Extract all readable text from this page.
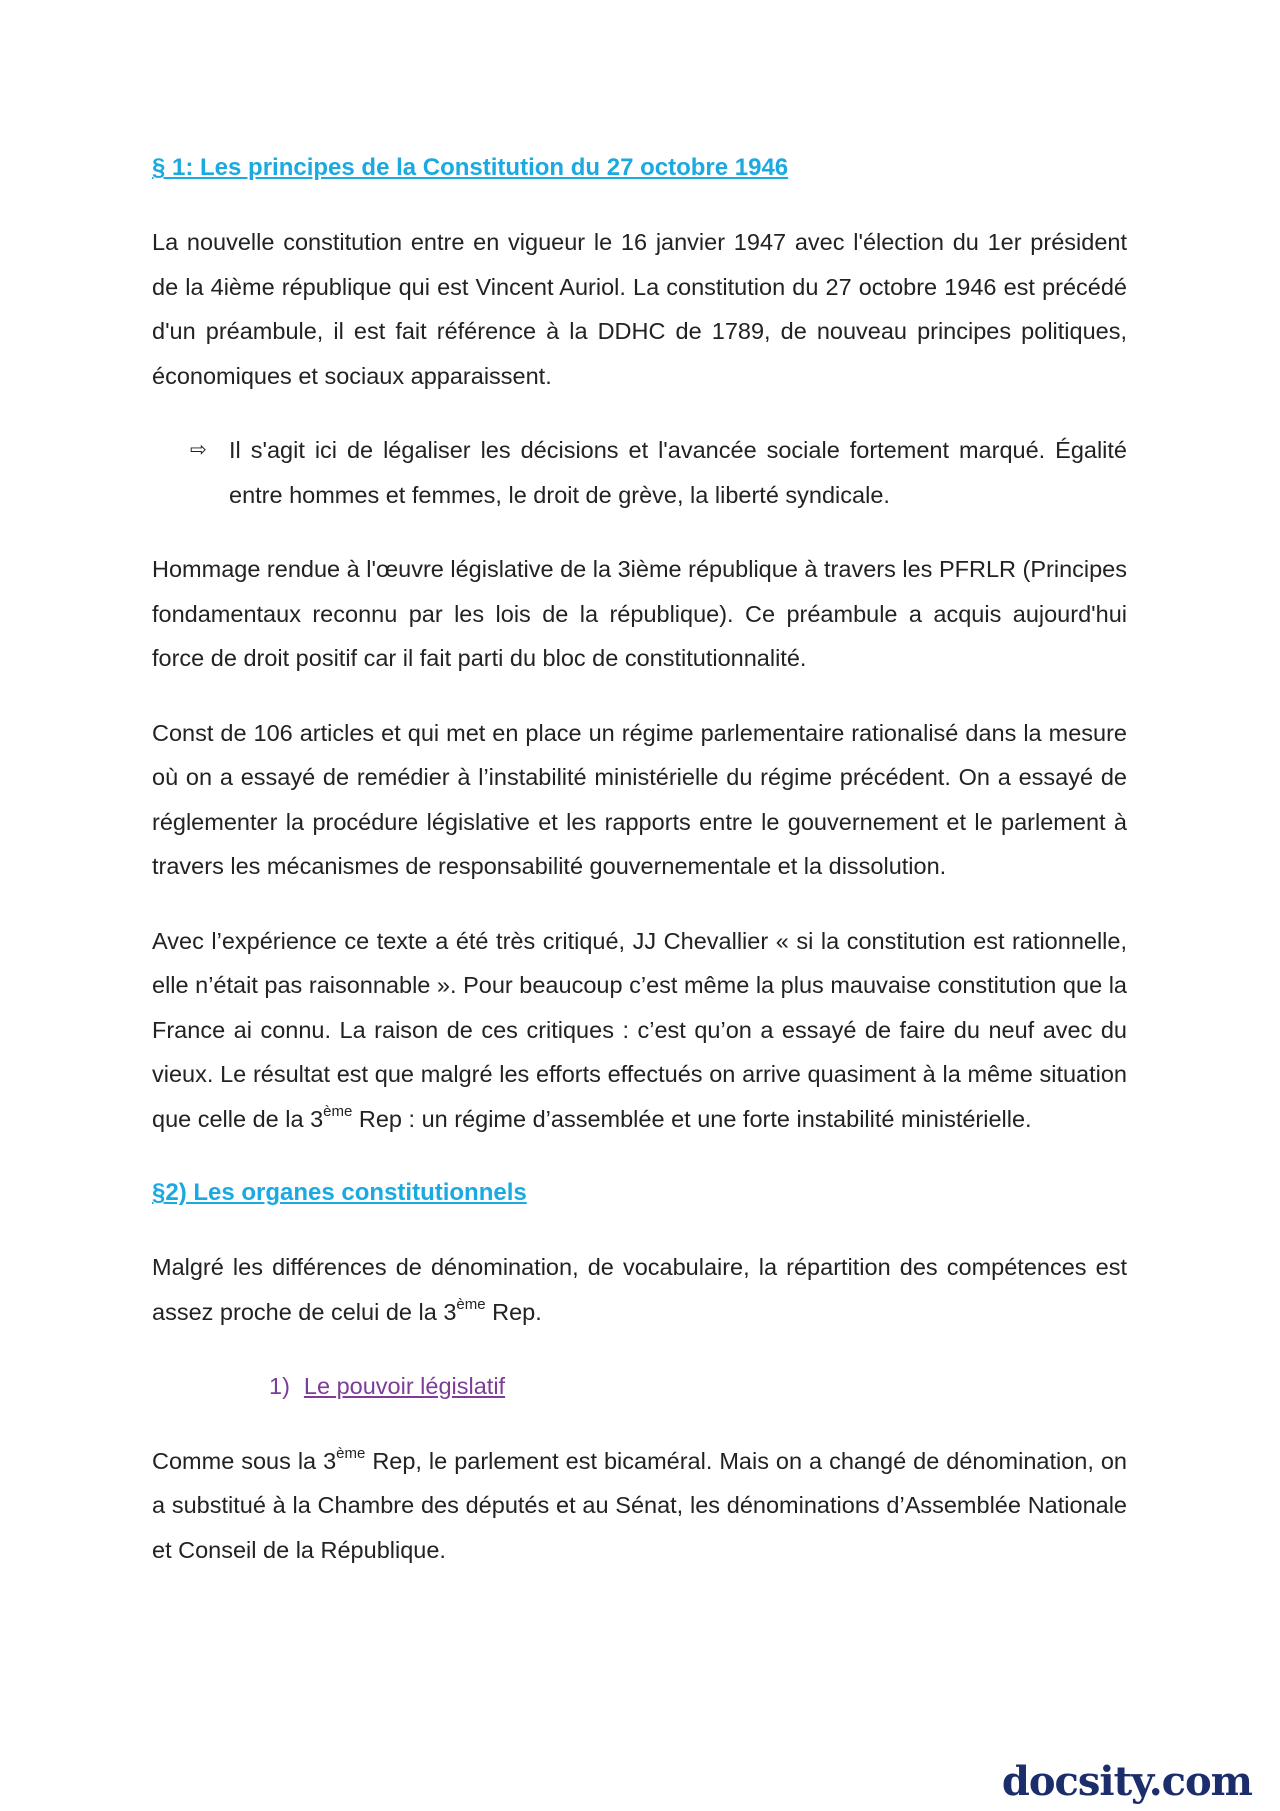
§ 1: Les principes de la Constitution du 27 octobre 1946

La nouvelle constitution entre en vigueur le 16 janvier 1947 avec l'élection du 1er président de la 4ième république qui est Vincent Auriol. La constitution du 27 octobre 1946 est précédé d'un préambule, il est fait référence à la DDHC de 1789, de nouveau principes politiques, économiques et sociaux apparaissent.

⇨ Il s'agit ici de légaliser les décisions et l'avancée sociale fortement marqué. Égalité entre hommes et femmes, le droit de grève, la liberté syndicale.

Hommage rendue à l'œuvre législative de la 3ième république à travers les PFRLR (Principes fondamentaux reconnu par les lois de la république). Ce préambule a acquis aujourd'hui force de droit positif car il fait parti du bloc de constitutionnalité.

Const de 106 articles et qui met en place un régime parlementaire rationalisé dans la mesure où on a essayé de remédier à l’instabilité ministérielle du régime précédent. On a essayé de réglementer la procédure législative et les rapports entre le gouvernement et le parlement à travers les mécanismes de responsabilité gouvernementale et la dissolution.

Avec l’expérience ce texte a été très critiqué, JJ Chevallier « si la constitution est rationnelle, elle n’était pas raisonnable ». Pour beaucoup c’est même la plus mauvaise constitution que la France ai connu. La raison de ces critiques : c’est qu’on a essayé de faire du neuf avec du vieux. Le résultat est que malgré les efforts effectués on arrive quasiment à la même situation que celle de la 3ème Rep : un régime d’assemblée et une forte instabilité ministérielle.

§2) Les organes constitutionnels

Malgré les différences de dénomination, de vocabulaire, la répartition des compétences est assez proche de celui de la 3ème Rep.

1) Le pouvoir législatif

Comme sous la 3ème Rep, le parlement est bicaméral. Mais on a changé de dénomination, on a substitué à la Chambre des députés et au Sénat, les dénominations d’Assemblée Nationale et Conseil de la République.

docsity.com
